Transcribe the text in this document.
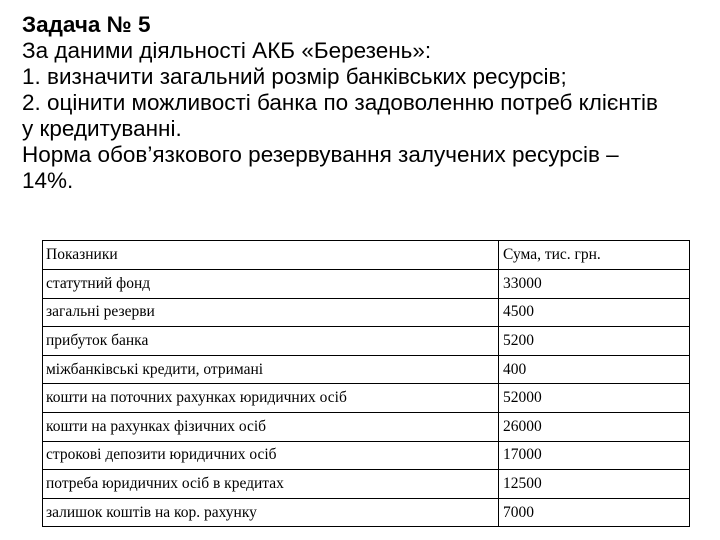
Задача № 5
За даними діяльності АКБ «Березень»:
1. визначити загальний розмір банківських ресурсів;
2. оцінити можливості банка по задоволенню потреб клієнтів
у кредитуванні.
Норма обов’язкового резервування залучених ресурсів –
14%.
Показники	Сума, тис. грн.
статутний фонд	33000
загальні резерви	4500
прибуток банка	5200
міжбанківські кредити, отримані	400
кошти на поточних рахунках юридичних осіб	52000
кошти на рахунках фізичних осіб	26000
строкові депозити юридичних осіб	17000
потреба юридичних осіб в кредитах	12500
залишок коштів на кор. рахунку	7000
